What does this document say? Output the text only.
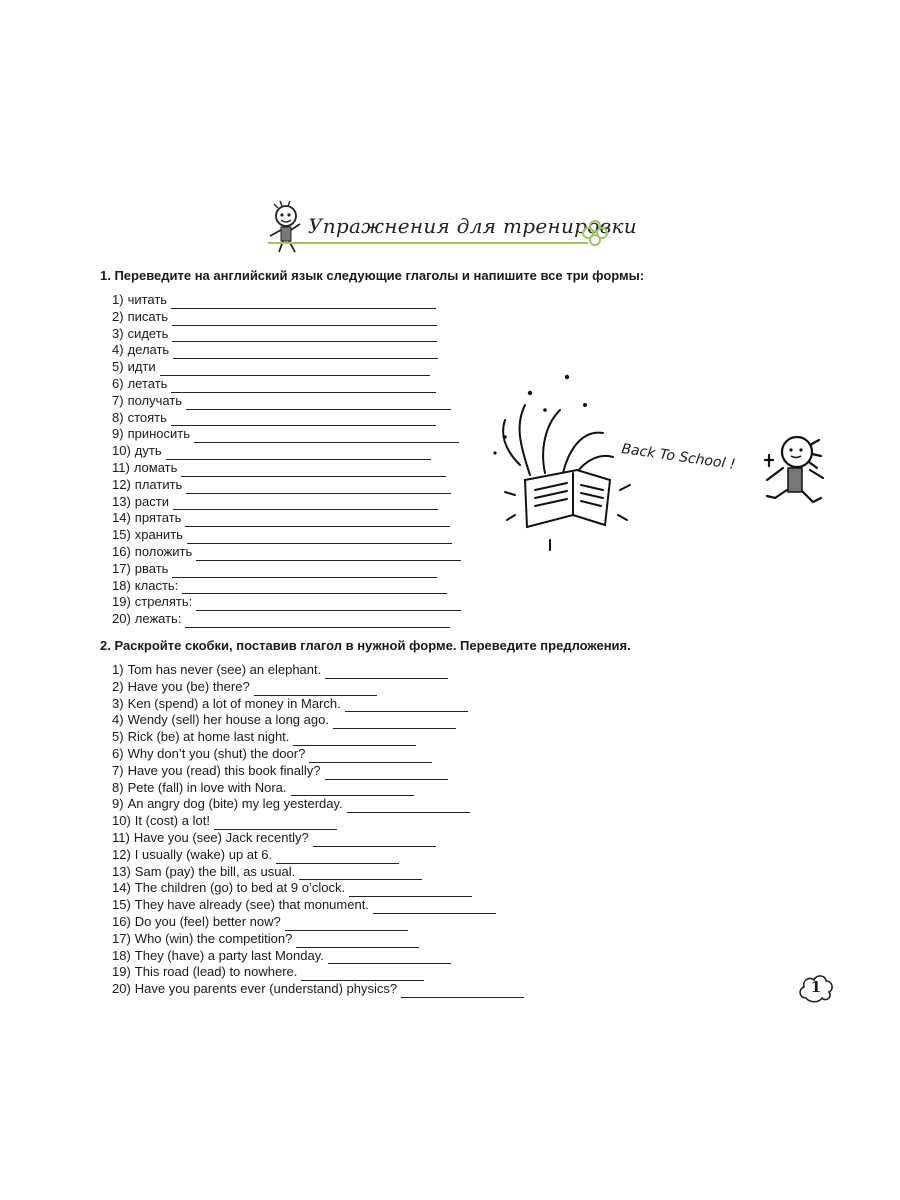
Упражнения для тренировки
1. Переведите на английский язык следующие глаголы и напишите все три формы:
1) читать
2) писать
3) сидеть
4) делать
5) идти
6) летать
7) получать
8) стоять
9) приносить
10) дуть
11) ломать
12) платить
13) расти
14) прятать
15) хранить
16) положить
17) рвать
18) класть:
19) стрелять:
20) лежать:
Back To School !
2. Раскройте скобки, поставив глагол в нужной форме. Переведите предложения.
1) Tom has never (see) an elephant.
2) Have you (be) there?
3) Ken (spend) a lot of money in March.
4) Wendy (sell) her house a long ago.
5) Rick (be) at home last night.
6) Why don’t you (shut) the door?
7) Have you (read) this book finally?
8) Pete (fall) in love with Nora.
9) An angry dog (bite) my leg yesterday.
10) It (cost) a lot!
11) Have you (see) Jack recently?
12) I usually (wake) up at 6.
13) Sam (pay) the bill, as usual.
14) The children (go) to bed at 9 o’clock.
15) They have already (see) that monument.
16) Do you (feel) better now?
17) Who (win) the competition?
18) They (have) a party last Monday.
19) This road (lead) to nowhere.
20) Have you parents ever (understand) physics?	1
